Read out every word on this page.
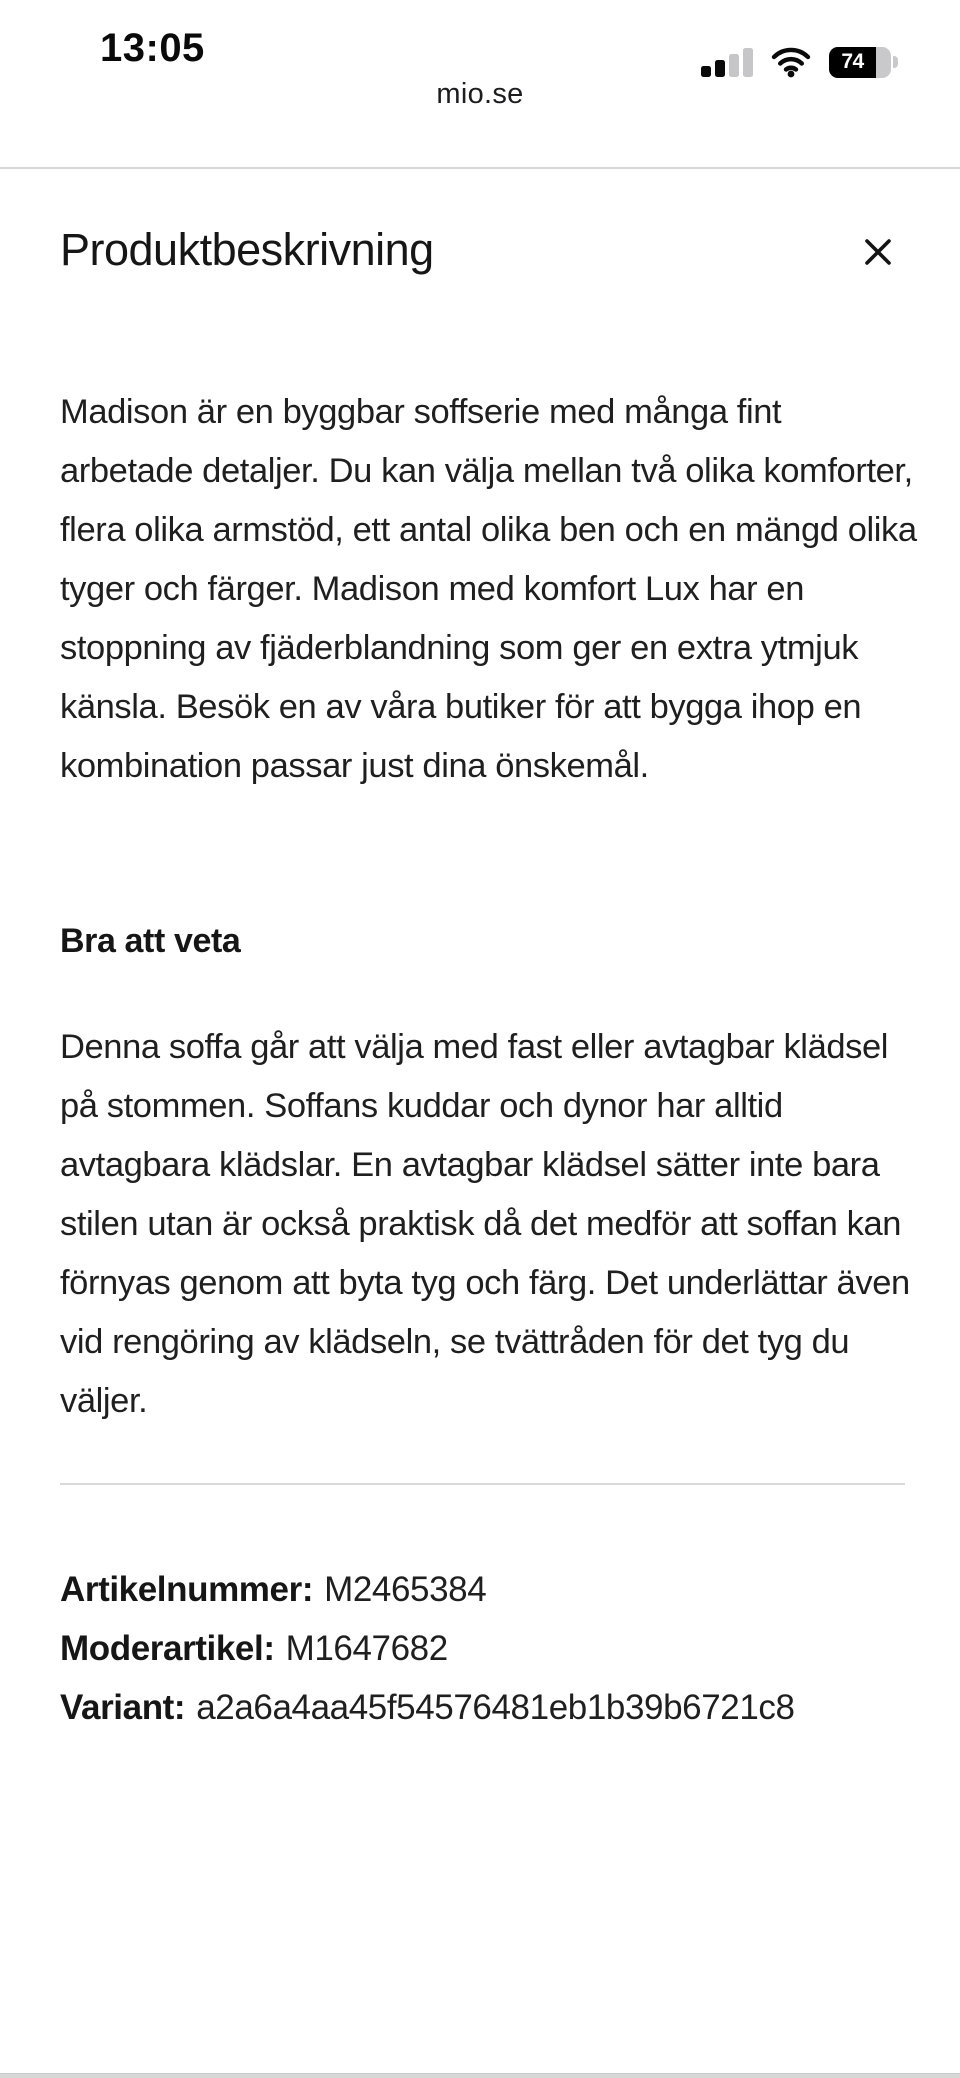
13:05	74
mio.se
Produktbeskrivning

Madison är en byggbar soffserie med många fint arbetade detaljer. Du kan välja mellan två olika komforter, flera olika armstöd, ett antal olika ben och en mängd olika tyger och färger. Madison med komfort Lux har en stoppning av fjäderblandning som ger en extra ytmjuk känsla. Besök en av våra butiker för att bygga ihop en kombination passar just dina önskemål.

Bra att veta

Denna soffa går att välja med fast eller avtagbar klädsel på stommen. Soffans kuddar och dynor har alltid avtagbara klädslar. En avtagbar klädsel sätter inte bara stilen utan är också praktisk då det medför att soffan kan förnyas genom att byta tyg och färg. Det underlättar även vid rengöring av klädseln, se tvättråden för det tyg du väljer.

Artikelnummer: M2465384
Moderartikel: M1647682
Variant: a2a6a4aa45f54576481eb1b39b6721c8
